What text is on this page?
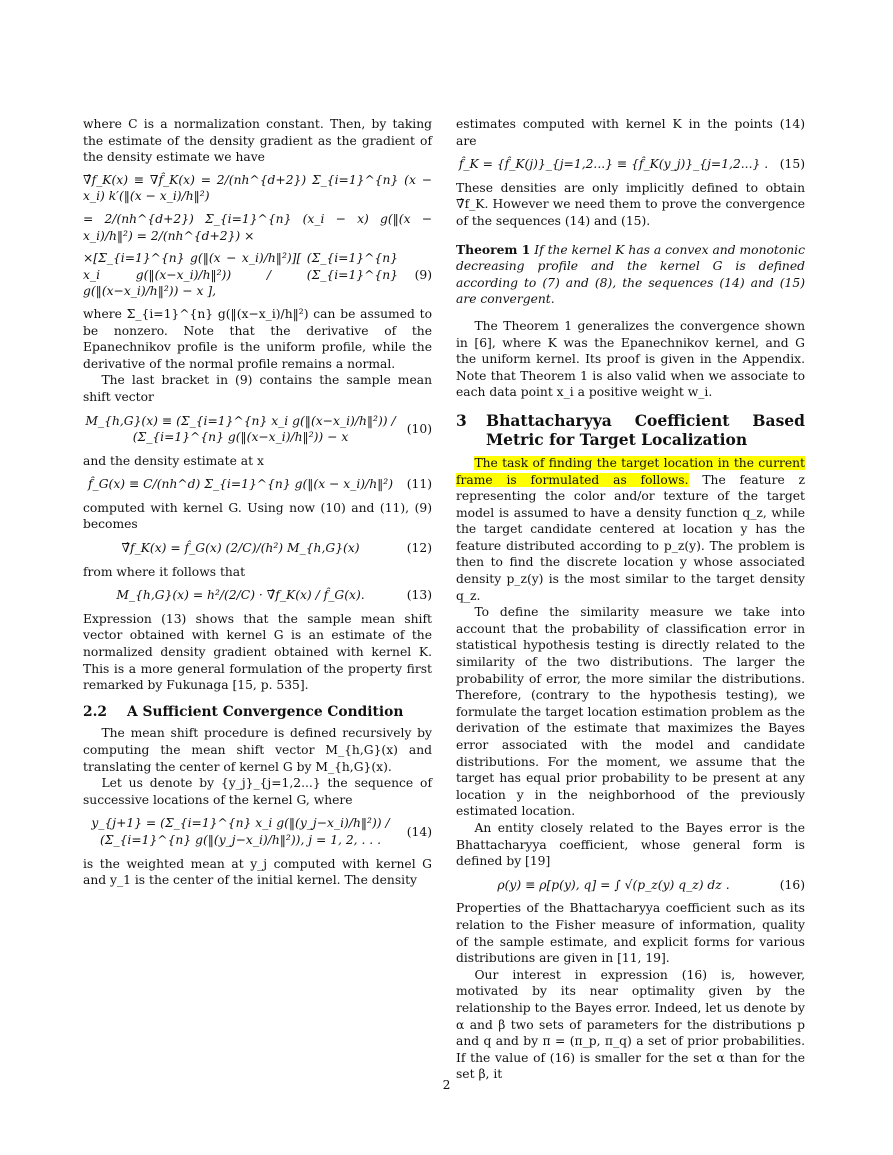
where C is a normalization constant. Then, by taking the estimate of the density gradient as the gradient of the density estimate we have

∇̂f_K(x) ≡ ∇f̂_K(x) = 2/(nh^{d+2}) Σ_{i=1}^{n} (x − x_i) k′(‖(x − x_i)/h‖²)
= 2/(nh^{d+2}) Σ_{i=1}^{n} (x_i − x) g(‖(x − x_i)/h‖²) = 2/(nh^{d+2}) ×
×[Σ_{i=1}^{n} g(‖(x − x_i)/h‖²)][ (Σ_{i=1}^{n} x_i g(‖(x−x_i)/h‖²)) / (Σ_{i=1}^{n} g(‖(x−x_i)/h‖²)) − x ],
(9)

where Σ_{i=1}^{n} g(‖(x−x_i)/h‖²) can be assumed to be nonzero. Note that the derivative of the Epanechnikov profile is the uniform profile, while the derivative of the normal profile remains a normal.

The last bracket in (9) contains the sample mean shift vector

M_{h,G}(x) ≡ (Σ_{i=1}^{n} x_i g(‖(x−x_i)/h‖²)) / (Σ_{i=1}^{n} g(‖(x−x_i)/h‖²)) − x
(10)

and the density estimate at x

f̂_G(x) ≡ C/(nh^d) Σ_{i=1}^{n} g(‖(x − x_i)/h‖²)	(11)

computed with kernel G. Using now (10) and (11), (9) becomes

∇̂f_K(x) = f̂_G(x) (2/C)/(h²) M_{h,G}(x)	(12)

from where it follows that

M_{h,G}(x) = h²/(2/C) · ∇̂f_K(x) / f̂_G(x).	(13)

Expression (13) shows that the sample mean shift vector obtained with kernel G is an estimate of the normalized density gradient obtained with kernel K. This is a more general formulation of the property first remarked by Fukunaga [15, p. 535].

2.2 A Sufficient Convergence Condition

The mean shift procedure is defined recursively by computing the mean shift vector M_{h,G}(x) and translating the center of kernel G by M_{h,G}(x).

Let us denote by {y_j}_{j=1,2...} the sequence of successive locations of the kernel G, where

y_{j+1} = (Σ_{i=1}^{n} x_i g(‖(y_j−x_i)/h‖²)) / (Σ_{i=1}^{n} g(‖(y_j−x_i)/h‖²)), j = 1, 2, . . .
(14)

is the weighted mean at y_j computed with kernel G and y_1 is the center of the initial kernel. The density

estimates computed with kernel K in the points (14) are

f̂_K = {f̂_K(j)}_{j=1,2...} ≡ {f̂_K(y_j)}_{j=1,2...} . (15)

These densities are only implicitly defined to obtain ∇̂f_K. However we need them to prove the convergence of the sequences (14) and (15).

Theorem 1 If the kernel K has a convex and monotonic decreasing profile and the kernel G is defined according to (7) and (8), the sequences (14) and (15) are convergent.

The Theorem 1 generalizes the convergence shown in [6], where K was the Epanechnikov kernel, and G the uniform kernel. Its proof is given in the Appendix. Note that Theorem 1 is also valid when we associate to each data point x_i a positive weight w_i.

3	Bhattacharyya Coefficient Based
Metric for Target Localization

The task of finding the target location in the current frame is formulated as follows. The feature z representing the color and/or texture of the target model is assumed to have a density function q_z, while the target candidate centered at location y has the feature distributed according to p_z(y). The problem is then to find the discrete location y whose associated density p_z(y) is the most similar to the target density q_z.

To define the similarity measure we take into account that the probability of classification error in statistical hypothesis testing is directly related to the similarity of the two distributions. The larger the probability of error, the more similar the distributions. Therefore, (contrary to the hypothesis testing), we formulate the target location estimation problem as the derivation of the estimate that maximizes the Bayes error associated with the model and candidate distributions. For the moment, we assume that the target has equal prior probability to be present at any location y in the neighborhood of the previously estimated location.

An entity closely related to the Bayes error is the Bhattacharyya coefficient, whose general form is defined by [19]

ρ(y) ≡ ρ[p(y), q] = ∫ √(p_z(y) q_z) dz .	(16)

Properties of the Bhattacharyya coefficient such as its relation to the Fisher measure of information, quality of the sample estimate, and explicit forms for various distributions are given in [11, 19].

Our interest in expression (16) is, however, motivated by its near optimality given by the relationship to the Bayes error. Indeed, let us denote by α and β two sets of parameters for the distributions p and q and by π = (π_p, π_q) a set of prior probabilities. If the value of (16) is smaller for the set α than for the set β, it

2
